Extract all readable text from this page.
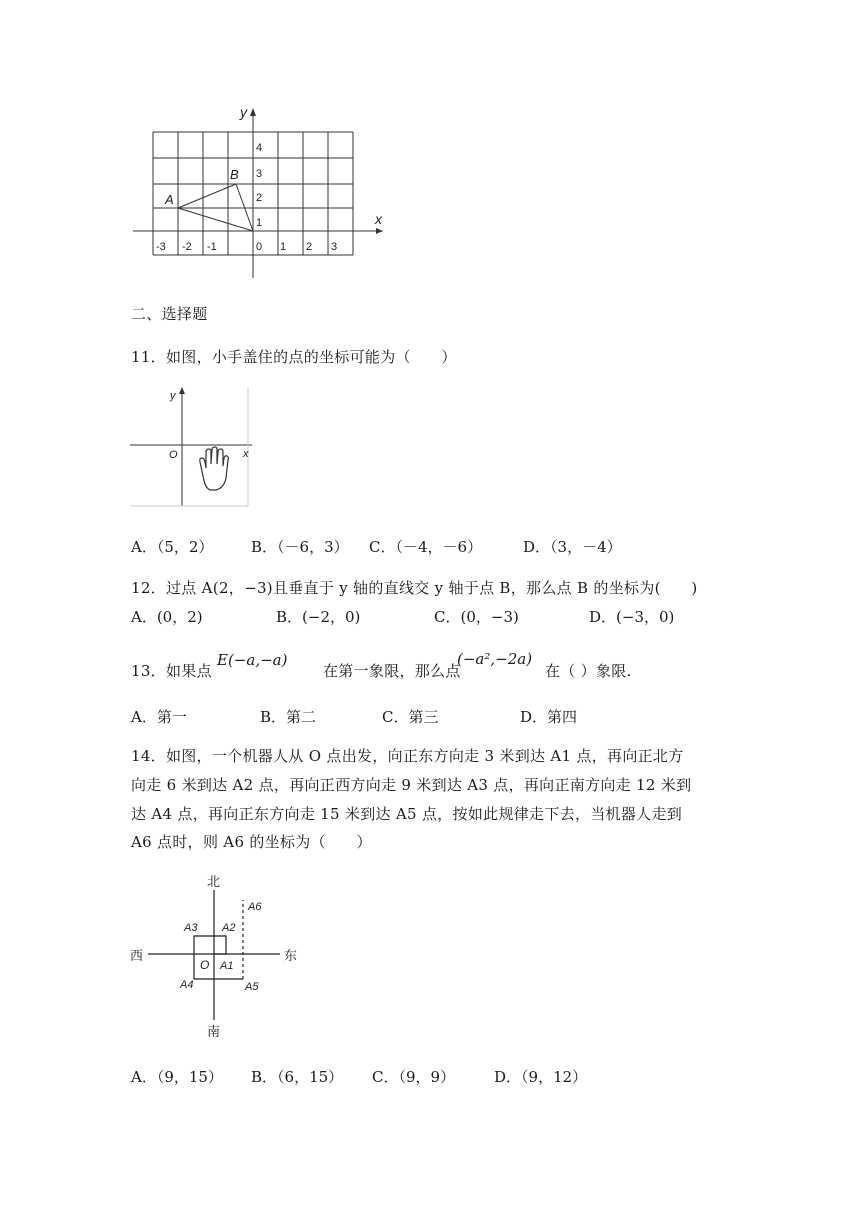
x
y
A
B
-3 -2 -1	0 1 2 3
1
2
3
4
二、选择题
11．如图，小手盖住的点的坐标可能为（　　）
x
y
O
A．（5，2）	B．（－6，3） C．（－4，－6）	D．（3，－4）
12．过点 A(2，−3)且垂直于 y 轴的直线交 y 轴于点 B，那么点 B 的坐标为(　　)
A．(0，2)	B．(−2，0)	C．(0，−3)	D．(−3，0)
13．如果点
E(−a,−a)
在第一象限，那么点
(−a²,−2a)
在（ ）象限.
A．第一	B．第二	C．第三	D．第四
14．如图，一个机器人从 O 点出发，向正东方向走 3 米到达 A1 点，再向正北方
向走 6 米到达 A2 点，再向正西方向走 9 米到达 A3 点，再向正南方向走 12 米到
达 A4 点，再向正东方向走 15 米到达 A5 点，按如此规律走下去，当机器人走到
A6 点时，则 A6 的坐标为（　　）
北
南
西	东
O A1
A2
A3
A4	A5
A6
A．（9，15） B．（6，15） C．（9，9）	D．（9，12）
